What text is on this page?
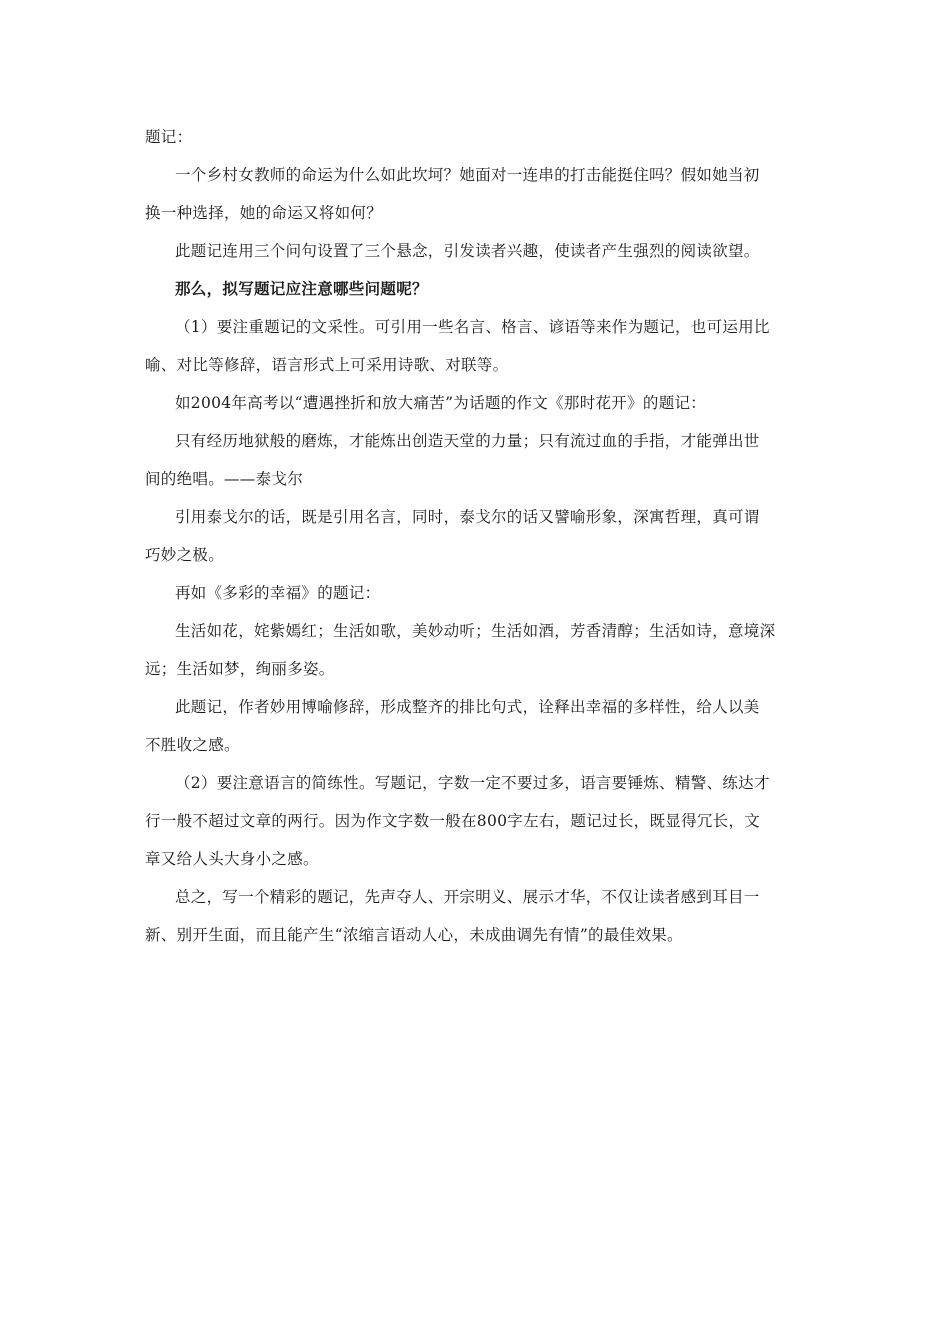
题记：
一个乡村女教师的命运为什么如此坎坷？她面对一连串的打击能挺住吗？假如她当初
换一种选择，她的命运又将如何？
此题记连用三个问句设置了三个悬念，引发读者兴趣，使读者产生强烈的阅读欲望。
那么，拟写题记应注意哪些问题呢？
（1）要注重题记的文采性。可引用一些名言、格言、谚语等来作为题记，也可运用比
喻、对比等修辞，语言形式上可采用诗歌、对联等。
如2004年高考以“遭遇挫折和放大痛苦”为话题的作文《那时花开》的题记：
只有经历地狱般的磨炼，才能炼出创造天堂的力量；只有流过血的手指，才能弹出世
间的绝唱。——泰戈尔
引用泰戈尔的话，既是引用名言，同时，泰戈尔的话又譬喻形象，深寓哲理，真可谓
巧妙之极。
再如《多彩的幸福》的题记：
生活如花，姹紫嫣红；生活如歌，美妙动听；生活如酒，芳香清醇；生活如诗，意境深
远；生活如梦，绚丽多姿。
此题记，作者妙用博喻修辞，形成整齐的排比句式，诠释出幸福的多样性，给人以美
不胜收之感。
（2）要注意语言的简练性。写题记，字数一定不要过多，语言要锤炼、精警、练达才
行一般不超过文章的两行。因为作文字数一般在800字左右，题记过长，既显得冗长，文
章又给人头大身小之感。
总之，写一个精彩的题记，先声夺人、开宗明义、展示才华，不仅让读者感到耳目一
新、别开生面，而且能产生“浓缩言语动人心，未成曲调先有情”的最佳效果。
